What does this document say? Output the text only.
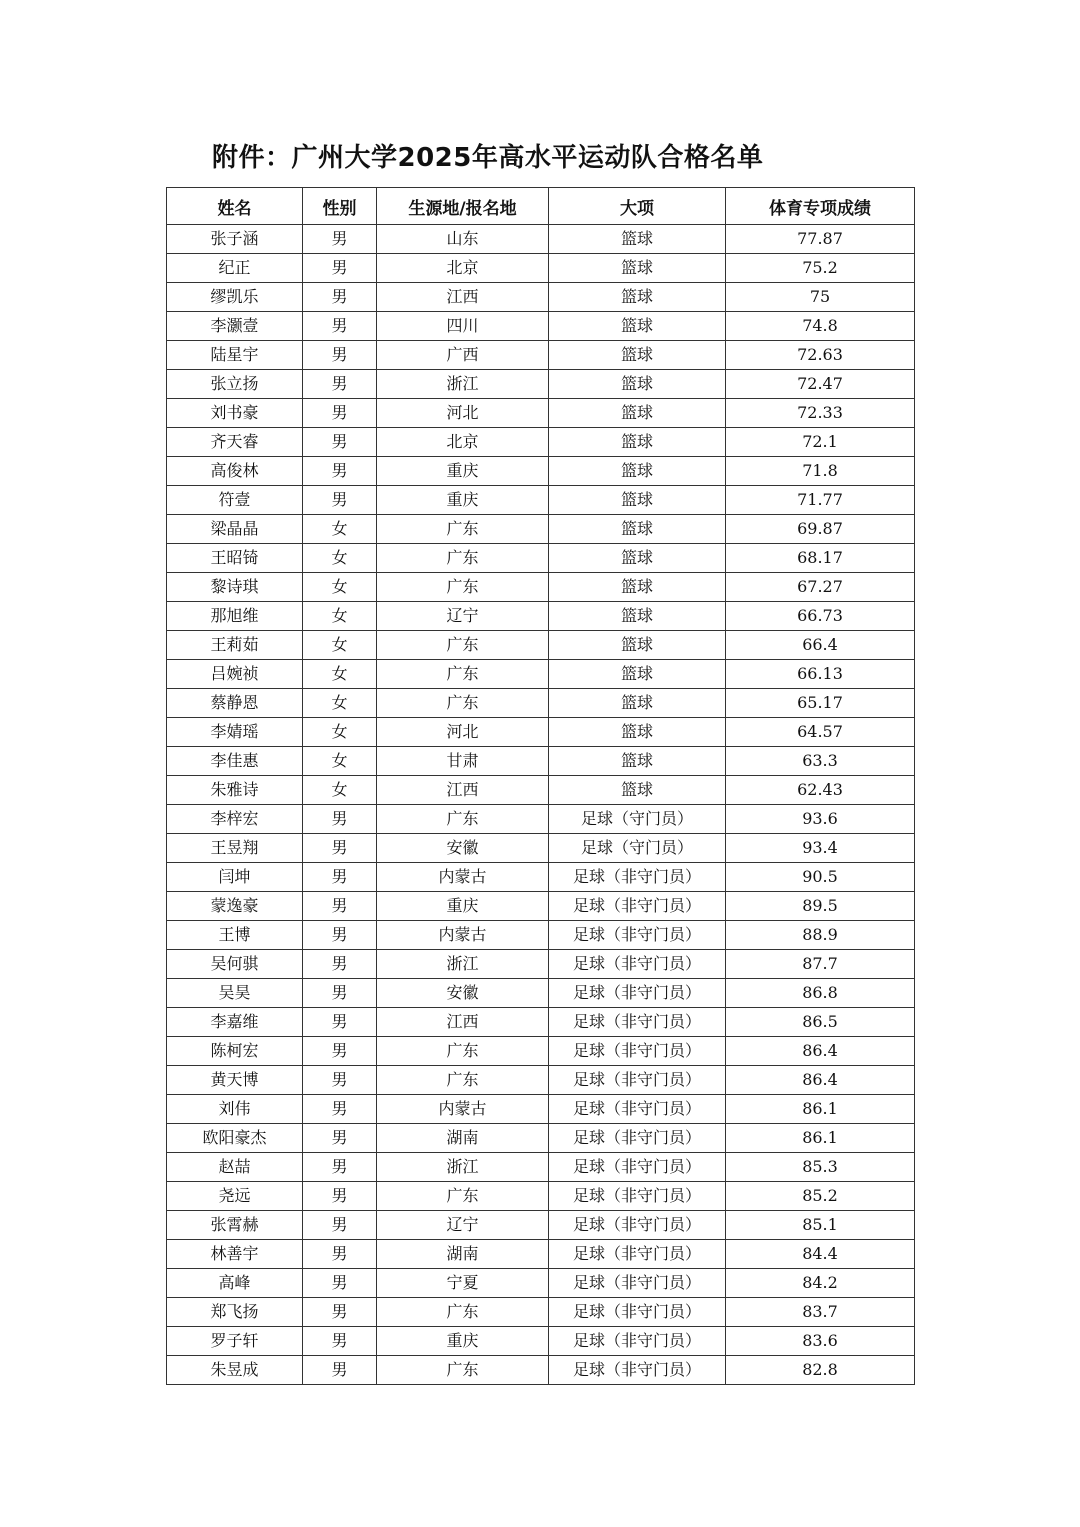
附件：广州大学2025年高水平运动队合格名单
姓名	性别	生源地/报名地	大项	体育专项成绩
张子涵	男	山东	篮球	77.87
纪正	男	北京	篮球	75.2
缪凯乐	男	江西	篮球	75
李灏壹	男	四川	篮球	74.8
陆星宇	男	广西	篮球	72.63
张立扬	男	浙江	篮球	72.47
刘书豪	男	河北	篮球	72.33
齐天睿	男	北京	篮球	72.1
高俊林	男	重庆	篮球	71.8
符壹	男	重庆	篮球	71.77
梁晶晶	女	广东	篮球	69.87
王昭锜	女	广东	篮球	68.17
黎诗琪	女	广东	篮球	67.27
那旭维	女	辽宁	篮球	66.73
王莉茹	女	广东	篮球	66.4
吕婉祯	女	广东	篮球	66.13
蔡静恩	女	广东	篮球	65.17
李婧瑶	女	河北	篮球	64.57
李佳惠	女	甘肃	篮球	63.3
朱雅诗	女	江西	篮球	62.43
李梓宏	男	广东	足球（守门员）	93.6
王昱翔	男	安徽	足球（守门员）	93.4
闫坤	男	内蒙古	足球（非守门员）	90.5
蒙逸豪	男	重庆	足球（非守门员）	89.5
王博	男	内蒙古	足球（非守门员）	88.9
吴何骐	男	浙江	足球（非守门员）	87.7
吴昊	男	安徽	足球（非守门员）	86.8
李嘉维	男	江西	足球（非守门员）	86.5
陈柯宏	男	广东	足球（非守门员）	86.4
黄天博	男	广东	足球（非守门员）	86.4
刘伟	男	内蒙古	足球（非守门员）	86.1
欧阳豪杰	男	湖南	足球（非守门员）	86.1
赵喆	男	浙江	足球（非守门员）	85.3
尧远	男	广东	足球（非守门员）	85.2
张霄赫	男	辽宁	足球（非守门员）	85.1
林善宇	男	湖南	足球（非守门员）	84.4
高峰	男	宁夏	足球（非守门员）	84.2
郑飞扬	男	广东	足球（非守门员）	83.7
罗子轩	男	重庆	足球（非守门员）	83.6
朱昱成	男	广东	足球（非守门员）	82.8
